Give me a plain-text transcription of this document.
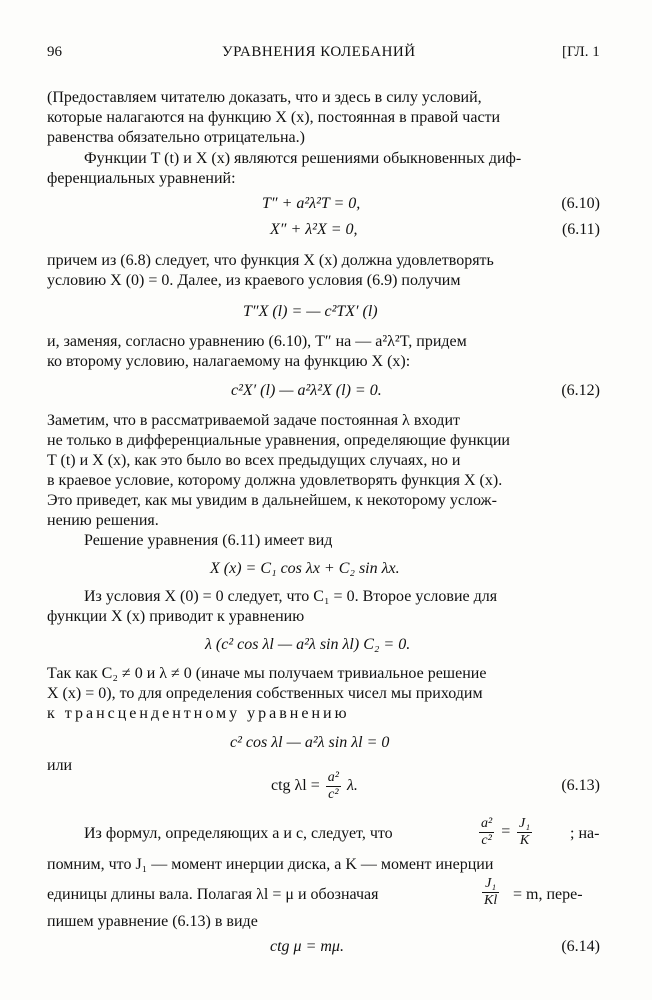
96	УРАВНЕНИЯ КОЛЕБАНИЙ	[ГЛ. 1
(Предоставляем читателю доказать, что и здесь в силу условий,
которые налагаются на функцию X (x), постоянная в правой части
равенства обязательно отрицательна.)
Функции T (t) и X (x) являются решениями обыкновенных диф-
ференциальных уравнений:
T″ + a²λ²T = 0,	(6.10)
X″ + λ²X = 0,	(6.11)
причем из (6.8) следует, что функция X (x) должна удовлетворять
условию X (0) = 0. Далее, из краевого условия (6.9) получим
T″X (l) = — c²TX′ (l)
и, заменяя, согласно уравнению (6.10), T″ на — a²λ²T, придем
ко второму условию, налагаемому на функцию X (x):
c²X′ (l) — a²λ²X (l) = 0.	(6.12)
Заметим, что в рассматриваемой задаче постоянная λ входит
не только в дифференциальные уравнения, определяющие функции
T (t) и X (x), как это было во всех предыдущих случаях, но и
в краевое условие, которому должна удовлетворять функция X (x).
Это приведет, как мы увидим в дальнейшем, к некоторому услож-
нению решения.
Решение уравнения (6.11) имеет вид
X (x) = C₁ cos λx + C₂ sin λx.
Из условия X (0) = 0 следует, что C₁ = 0. Второе условие для
функции X (x) приводит к уравнению
λ (c² cos λl — a²λ sin λl) C₂ = 0.
Так как C₂ ≠ 0 и λ ≠ 0 (иначе мы получаем тривиальное решение
X (x) = 0), то для определения собственных чисел мы приходим
к трансцендентному уравнению
c² cos λl — a²λ sin λl = 0
или
ctg $\lambda l = \frac{\text{a²}}{\text{c²}} \lambda$.	(6.13)
Из формул, определяющих a и c, следует, что	$\frac{\text{a²}}{\text{c²}} = \frac{\text{J₁}}{K}$ ; на-
помним, что J₁ — момент инерции диска, а K — момент инерции
единицы длины вала. Полагая λl = μ и обозначая	$\frac{\text{J₁}}{Kl} = m$, пере-
пишем уравнение (6.13) в виде
ctg μ = mμ.	(6.14)
